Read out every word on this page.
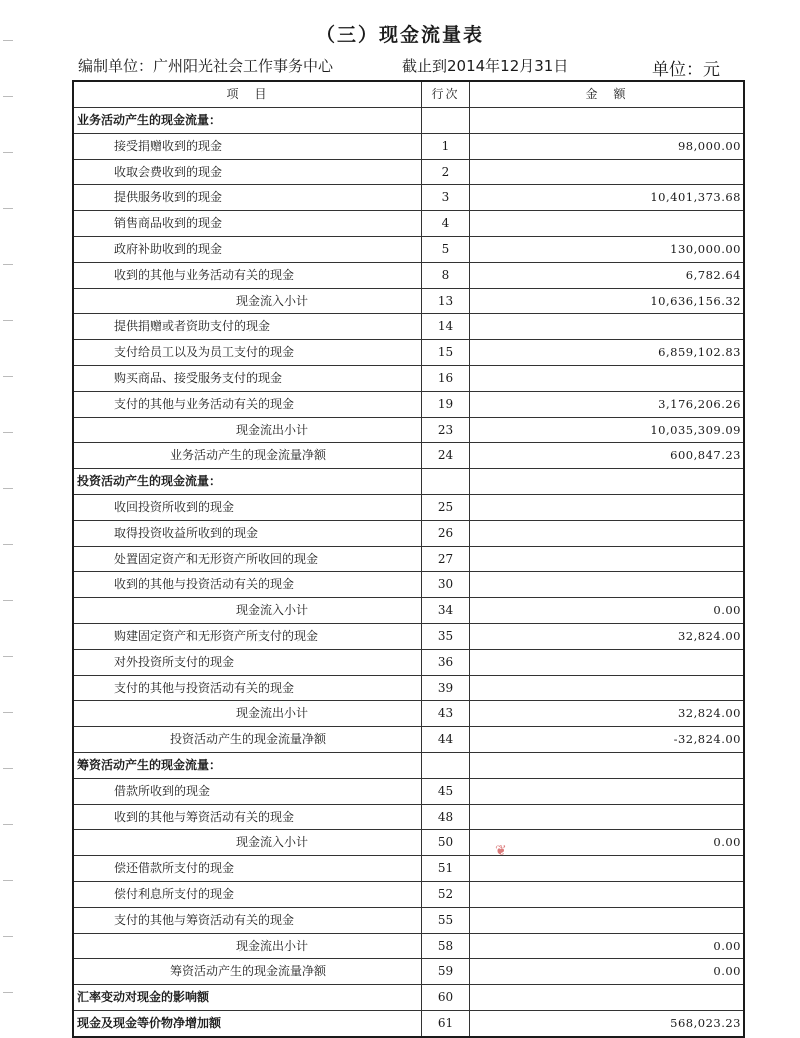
（三）现金流量表
编制单位：广州阳光社会工作事务中心	截止到2014年12月31日	单位：元
项　目	行次	金　额
业务活动产生的现金流量：
接受捐赠收到的现金	1	98,000.00
收取会费收到的现金	2
提供服务收到的现金	3	10,401,373.68
销售商品收到的现金	4
政府补助收到的现金	5	130,000.00
收到的其他与业务活动有关的现金	8	6,782.64
现金流入小计	13	10,636,156.32
提供捐赠或者资助支付的现金	14
支付给员工以及为员工支付的现金	15	6,859,102.83
购买商品、接受服务支付的现金	16
支付的其他与业务活动有关的现金	19	3,176,206.26
现金流出小计	23	10,035,309.09
业务活动产生的现金流量净额	24	600,847.23
投资活动产生的现金流量：
收回投资所收到的现金	25
取得投资收益所收到的现金	26
处置固定资产和无形资产所收回的现金	27
收到的其他与投资活动有关的现金	30
现金流入小计	34	0.00
购建固定资产和无形资产所支付的现金	35	32,824.00
对外投资所支付的现金	36
支付的其他与投资活动有关的现金	39
现金流出小计	43	32,824.00
投资活动产生的现金流量净额	44	-32,824.00
筹资活动产生的现金流量：
借款所收到的现金	45
收到的其他与筹资活动有关的现金	48
现金流入小计	50	0.00
偿还借款所支付的现金	51
偿付利息所支付的现金	52
支付的其他与筹资活动有关的现金	55
现金流出小计	58	0.00
筹资活动产生的现金流量净额	59	0.00
汇率变动对现金的影响额	60
现金及现金等价物净增加额	61	568,023.23
❦
